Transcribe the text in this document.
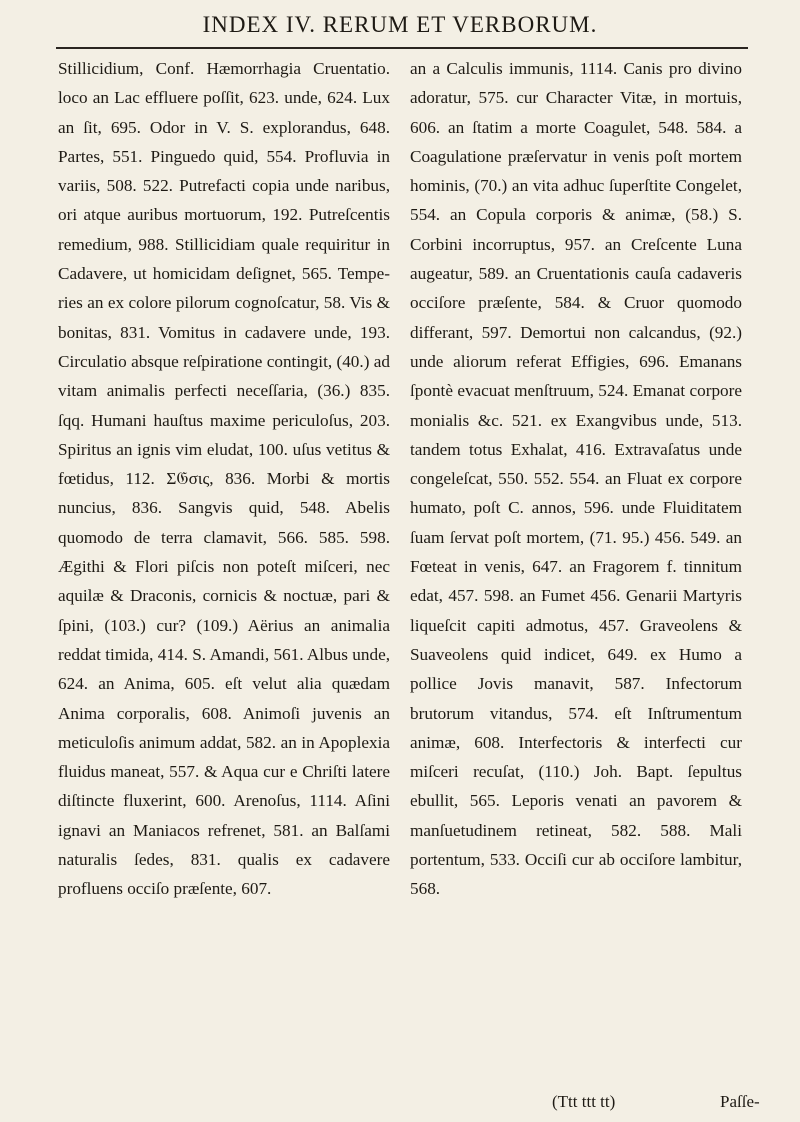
INDEX IV. RERUM ET VERBORUM.

Stillicidium, Conf. Hæmorrhagia Cruentatio. loco an Lac effluere poſſit, 623. unde, 624. Lux an ſit, 695. Odor in V. S. explorandus, 648. Partes, 551. Pinguedo quid, 554. Profluvia in variis, 508. 522. Putrefacti copia unde naribus, ori atque auribus mortuorum, 192. Putreſcentis remedium, 988. Stillicidiam quale requiritur in Cadavere, ut homicidam deſignet, 565. Temperies an ex colore pilorum cognoſcatur, 58. Vis & bonitas, 831. Vomitus in cadavere unde, 193. Circulatio absque reſpiratione contingit, (40.) ad vitam animalis perfecti neceſſaria, (36.) 835. ſqq. Humani hauſtus maxime periculoſus, 203. Spiritus an ignis vim eludat, 100. uſus vetitus & fœtidus, 112. Σ𝔊σις, 836. Morbi & mortis nuncius, 836. Sangvis quid, 548. Abelis quomodo de terra clamavit, 566. 585. 598. Ægithi & Flori piſcis non poteſt miſceri, nec aquilæ & Draconis, cornicis & noctuæ, pari & ſpini, (103.) cur? (109.) Aërius an animalia reddat timida, 414. S. Amandi, 561. Albus unde, 624. an Anima, 605. eſt velut alia quædam Anima corporalis, 608. Animoſi juvenis an meticuloſis animum addat, 582. an in Apoplexia fluidus maneat, 557. & Aqua cur e Chriſti latere diſtincte fluxerint, 600. Arenoſus, 1114. Aſini ignavi an Maniacos refrenet, 581. an Balſami naturalis ſedes, 831. qualis ex cadavere profluens occiſo præſente, 607.

an a Calculis immunis, 1114. Canis pro divino adoratur, 575. cur Character Vitæ, in mortuis, 606. an ſtatim a morte Coagulet, 548. 584. a Coagulatione præſervatur in venis poſt mortem hominis, (70.) an vita adhuc ſuperſtite Congelet, 554. an Copula corporis & animæ, (58.) S. Corbini incorruptus, 957. an Creſcente Luna augeatur, 589. an Cruentationis cauſa cadaveris occiſore præſente, 584. & Cruor quomodo differant, 597. Demortui non calcandus, (92.) unde aliorum referat Effigies, 696. Emanans ſpontè evacuat menſtruum, 524. Emanat corpore monialis &c. 521. ex Exangvibus unde, 513. tandem totus Exhalat, 416. Extravaſatus unde congeleſcat, 550. 552. 554. an Fluat ex corpore humato, poſt C. annos, 596. unde Fluiditatem ſuam ſervat poſt mortem, (71. 95.) 456. 549. an Fœteat in venis, 647. an Fragorem f. tinnitum edat, 457. 598. an Fumet 456. Genarii Martyris liqueſcit capiti admotus, 457. Graveolens & Suaveolens quid indicet, 649. ex Humo a pollice Jovis manavit, 587. Infectorum brutorum vitandus, 574. eſt Inſtrumentum animæ, 608. Interfectoris & interfecti cur miſceri recuſat, (110.) Joh. Bapt. ſepultus ebullit, 565. Leporis venati an pavorem & manſuetudinem retineat, 582. 588. Mali portentum, 533. Occiſi cur ab occiſore lambitur, 568.

(Ttt ttt tt)	Paſſe-
